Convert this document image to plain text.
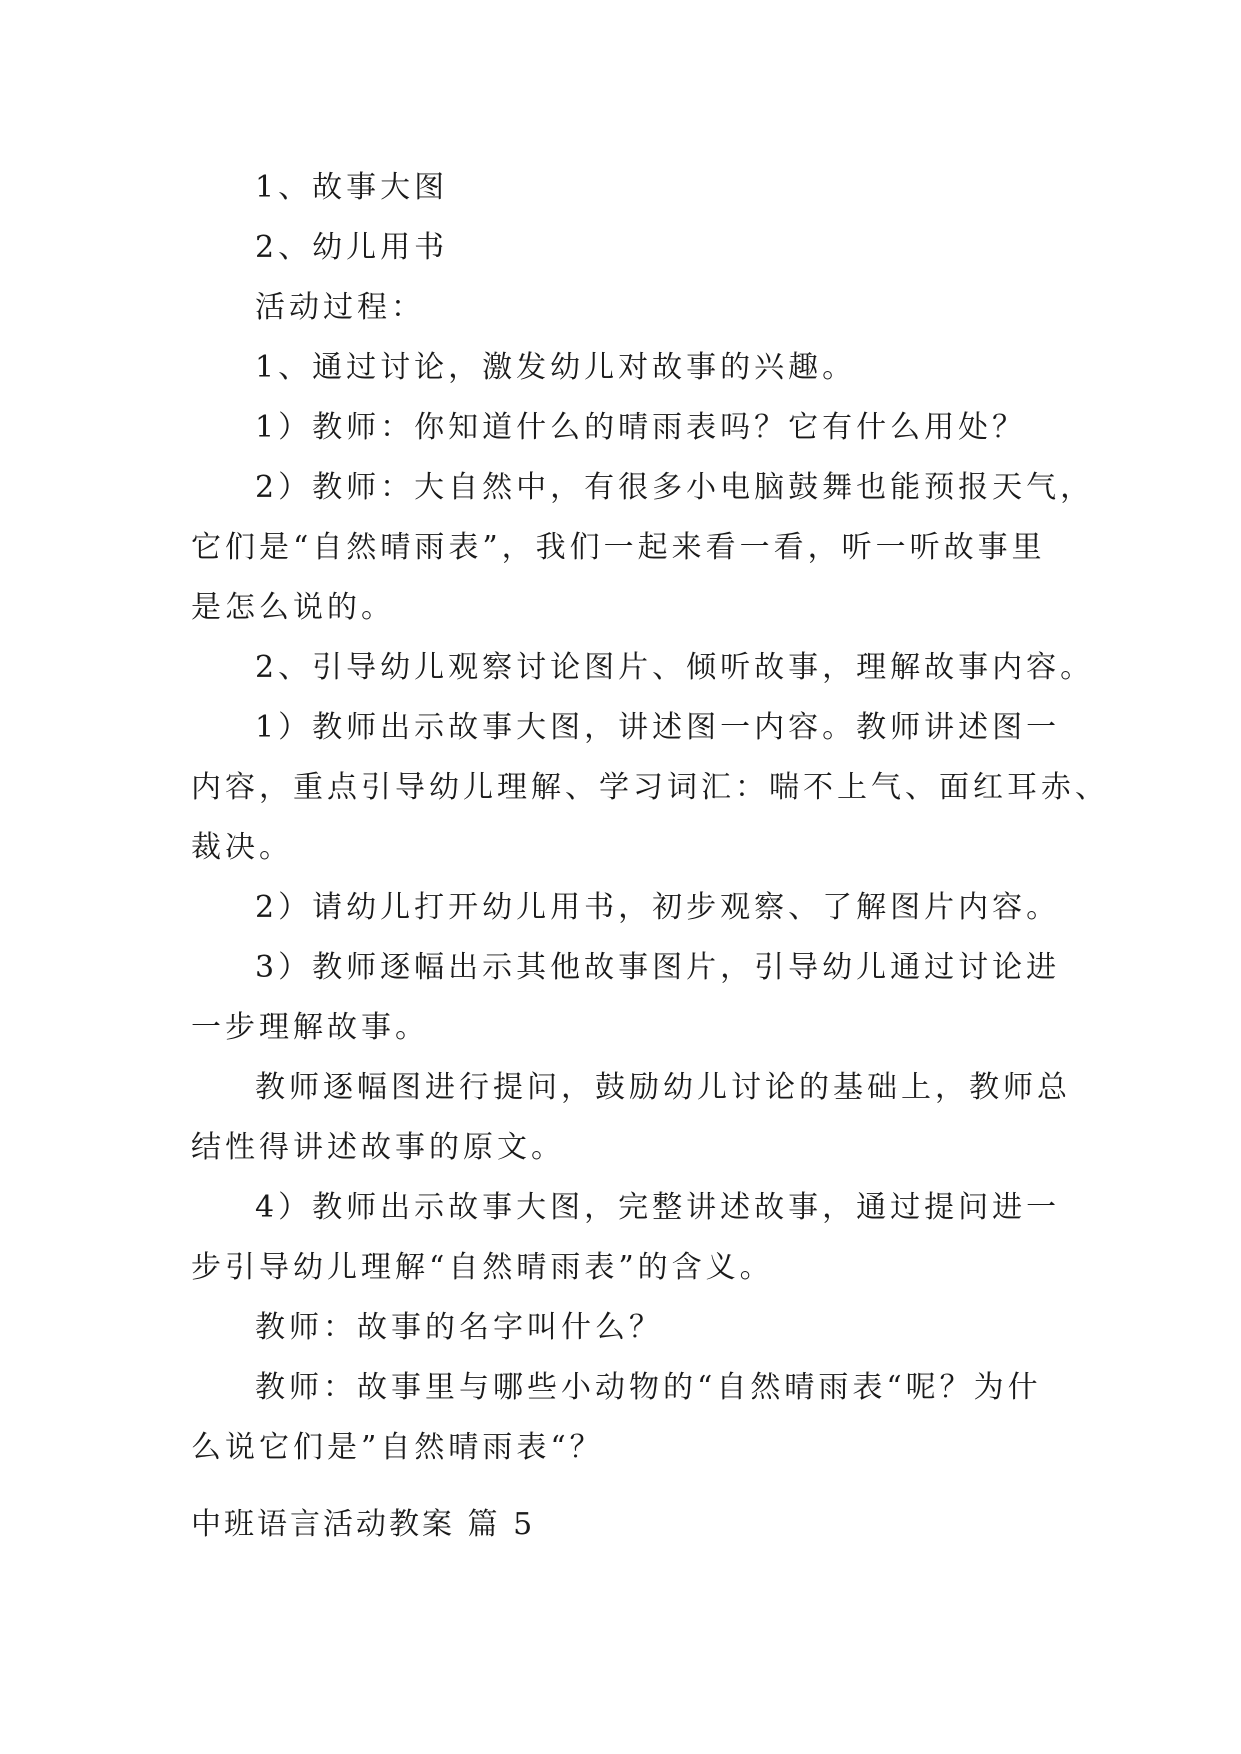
1、故事大图

2、幼儿用书

活动过程：

1、通过讨论，激发幼儿对故事的兴趣。

1）教师：你知道什么的晴雨表吗？它有什么用处？

2）教师：大自然中，有很多小电脑鼓舞也能预报天气，

它们是“自然晴雨表”，我们一起来看一看，听一听故事里

是怎么说的。

2、引导幼儿观察讨论图片、倾听故事，理解故事内容。

1）教师出示故事大图，讲述图一内容。教师讲述图一

内容，重点引导幼儿理解、学习词汇：喘不上气、面红耳赤、

裁决。

2）请幼儿打开幼儿用书，初步观察、了解图片内容。

3）教师逐幅出示其他故事图片，引导幼儿通过讨论进

一步理解故事。

教师逐幅图进行提问，鼓励幼儿讨论的基础上，教师总

结性得讲述故事的原文。

4）教师出示故事大图，完整讲述故事，通过提问进一

步引导幼儿理解“自然晴雨表”的含义。

教师：故事的名字叫什么？

教师：故事里与哪些小动物的“自然晴雨表“呢？为什

么说它们是”自然晴雨表“？

中班语言活动教案 篇 5
